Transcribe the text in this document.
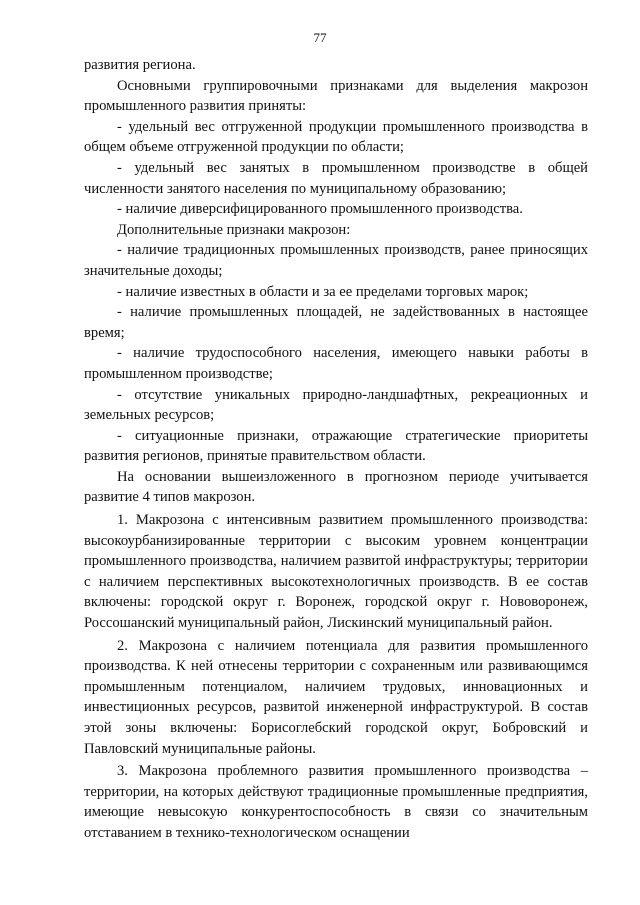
77

развития региона.

Основными группировочными признаками для выделения макрозон промышленного развития приняты:

- удельный вес отгруженной продукции промышленного производства в общем объеме отгруженной продукции по области;

- удельный вес занятых в промышленном производстве в общей численности занятого населения по муниципальному образованию;

- наличие диверсифицированного промышленного производства.

Дополнительные признаки макрозон:

- наличие традиционных промышленных производств, ранее приносящих значительные доходы;

- наличие известных в области и за ее пределами торговых марок;

- наличие промышленных площадей, не задействованных в настоящее время;

- наличие трудоспособного населения, имеющего навыки работы в промышленном производстве;

- отсутствие уникальных природно-ландшафтных, рекреационных и земельных ресурсов;

- ситуационные признаки, отражающие стратегические приоритеты развития регионов, принятые правительством области.

На основании вышеизложенного в прогнозном периоде учитывается развитие 4 типов макрозон.

1. Макрозона с интенсивным развитием промышленного производства: высокоурбанизированные территории с высоким уровнем концентрации промышленного производства, наличием развитой инфраструктуры; территории с наличием перспективных высокотехнологичных производств. В ее состав включены: городской округ г. Воронеж, городской округ г. Нововоронеж, Россошанский муниципальный район, Лискинский муниципальный район.

2. Макрозона с наличием потенциала для развития промышленного производства. К ней отнесены территории с сохраненным или развивающимся промышленным потенциалом, наличием трудовых, инновационных и инвестиционных ресурсов, развитой инженерной инфраструктурой. В состав этой зоны включены: Борисоглебский городской округ, Бобровский и Павловский муниципальные районы.

3. Макрозона проблемного развития промышленного производства – территории, на которых действуют традиционные промышленные предприятия, имеющие невысокую конкурентоспособность в связи со значительным отставанием в технико-технологическом оснащении
